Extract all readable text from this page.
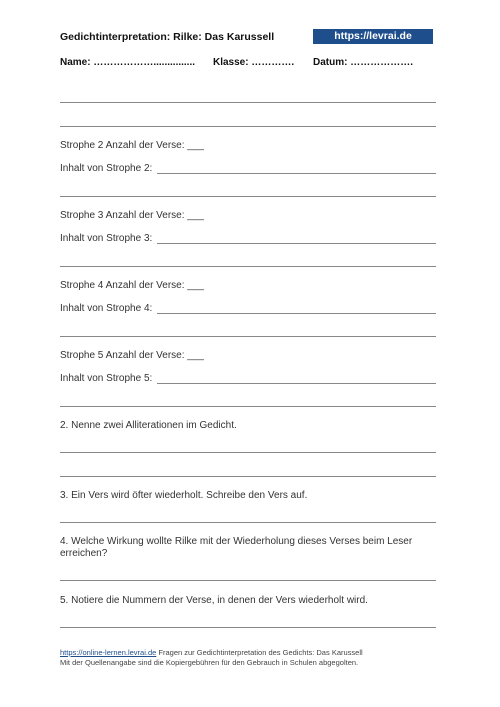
Gedichtinterpretation: Rilke: Das Karussell	https://levrai.de
Name: ………………............... Klasse: …………. Datum: ……………….
Strophe 2 Anzahl der Verse: ___
Inhalt von Strophe 2:
Strophe 3 Anzahl der Verse: ___
Inhalt von Strophe 3:
Strophe 4 Anzahl der Verse: ___
Inhalt von Strophe 4:
Strophe 5 Anzahl der Verse: ___
Inhalt von Strophe 5:
2. Nenne zwei Alliterationen im Gedicht.
3. Ein Vers wird öfter wiederholt. Schreibe den Vers auf.
4. Welche Wirkung wollte Rilke mit der Wiederholung dieses Verses beim Leser erreichen?
5. Notiere die Nummern der Verse, in denen der Vers wiederholt wird.
https://online-lernen.levrai.de Fragen zur Gedichtinterpretation des Gedichts: Das Karussell
Mit der Quellenangabe sind die Kopiergebühren für den Gebrauch in Schulen abgegolten.
